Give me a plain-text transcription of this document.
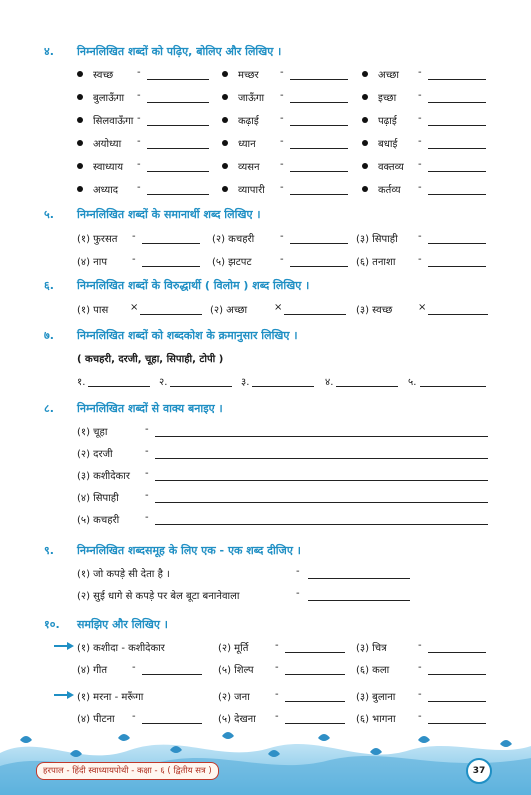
४. निम्नलिखित शब्दों को पढ़िए, बोलिए और लिखिए ।
स्वच्छ -	मच्छर -	अच्छा -
बुलाऊँगा -	जाऊँगा -	इच्छा -
सिलवाऊँगा -	कढ़ाई -	पढ़ाई -
अयोध्या -	ध्यान -	बधाई -
स्वाध्याय -	व्यसन -	वक्तव्य -
अध्याद -	व्यापारी -	कर्तव्य -
५. निम्नलिखित शब्दों के समानार्थी शब्द लिखिए ।
(१) फुरसत -	(२) कचहरी	-	(३) सिपाही -
(४) नाप -	(५) झटपट	-	(६) तनाशा -
६. निम्नलिखित शब्दों के विरुद्धार्थी ( विलोम ) शब्द लिखिए ।
(१) पास ×	(२) अच्छा	×	(३) स्वच्छ	×
७. निम्नलिखित शब्दों को शब्दकोश के क्रमानुसार लिखिए ।
( कचहरी, दरजी, चूहा, सिपाही, टोपी )
१.	२.	३.	४.	५.
८. निम्नलिखित शब्दों से वाक्य बनाइए ।
(१) चूहा	-
(२) दरजी	-
(३) कशीदेकार -
(४) सिपाही	-
(५) कचहरी	-
९. निम्नलिखित शब्दसमूह के लिए एक - एक शब्द दीजिए ।
(१) जो कपड़े सी देता है ।	-
(२) सुई धागे से कपड़े पर बेल बूटा बनानेवाला	-
१०. समझिए और लिखिए ।
(१) कशीदा - कशीदेकार	(२) मूर्ति	-	(३) चित्र	-
(४) गीत -	(५) शिल्प -	(६) कला	-
(१) मरना - मरूँगा	(२) जना	-	(३) बुलाना -
(४) पीटना -	(५) देखना -	(६) भागना -
हरपाल - हिंदी स्वाध्यायपोथी - कक्षा - ६ ( द्वितीय सत्र )	37
